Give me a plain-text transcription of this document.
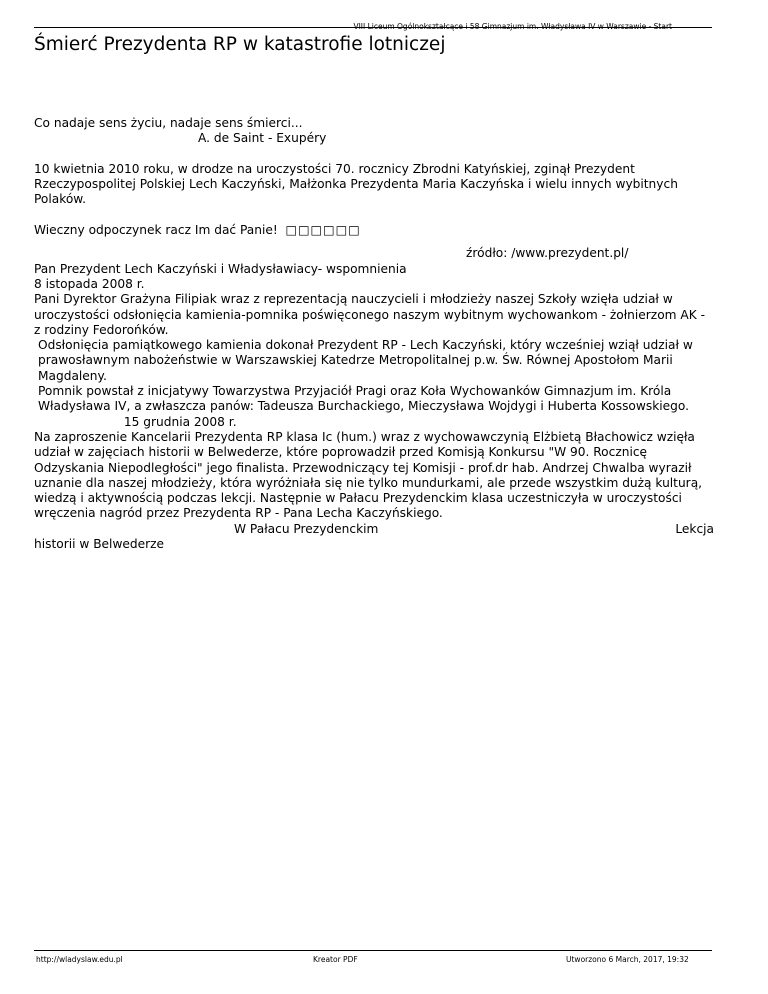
VIII Liceum Ogólnokształcące i 58 Gimnazjum im. Władysława IV w Warszawie - Start
Śmierć Prezydenta RP w katastrofie lotniczej

Co nadaje sens życiu, nadaje sens śmierci...

A. de Saint - Exupéry

10 kwietnia 2010 roku, w drodze na uroczystości 70. rocznicy Zbrodni Katyńskiej, zginął Prezydent Rzeczypospolitej Polskiej Lech Kaczyński, Małżonka Prezydenta Maria Kaczyńska i wielu innych wybitnych Polaków.

Wieczny odpoczynek racz Im dać Panie! □□□□□□

źródło: /www.prezydent.pl/

Pan Prezydent Lech Kaczyński i Władysławiacy- wspomnienia

8 istopada 2008 r.

Pani Dyrektor Grażyna Filipiak wraz z reprezentacją nauczycieli i młodzieży naszej Szkoły wzięła udział w uroczystości odsłonięcia kamienia-pomnika poświęconego naszym wybitnym wychowankom - żołnierzom AK - z rodziny Fedorońków.

Odsłonięcia pamiątkowego kamienia dokonał Prezydent RP - Lech Kaczyński, który wcześniej wziął udział w prawosławnym nabożeństwie w Warszawskiej Katedrze Metropolitalnej p.w. Św. Równej Apostołom Marii Magdaleny.

Pomnik powstał z inicjatywy Towarzystwa Przyjaciół Pragi oraz Koła Wychowanków Gimnazjum im. Króla Władysława IV, a zwłaszcza panów: Tadeusza Burchackiego, Mieczysława Wojdygi i Huberta Kossowskiego.  15 grudnia 2008 r.

Na zaproszenie Kancelarii Prezydenta RP klasa Ic (hum.) wraz z wychowawczynią Elżbietą Błachowicz wzięła udział w zajęciach historii w Belwederze, które poprowadził przed Komisją Konkursu "W 90. Rocznicę Odzyskania Niepodległości" jego finalista. Przewodniczący tej Komisji - prof.dr hab. Andrzej Chwalba wyraził uznanie dla naszej młodzieży, która wyróżniała się nie tylko mundurkami, ale przede wszystkim dużą kulturą, wiedzą i aktywnością podczas lekcji. Następnie w Pałacu Prezydenckim klasa uczestniczyła w uroczystości wręczenia nagród przez Prezydenta RP - Pana Lecha Kaczyńskiego.

W Pałacu Prezydenckim	Lekcja

historii w Belwederze

http://wladyslaw.edu.pl	Kreator PDF	Utworzono 6 March, 2017, 19:32
